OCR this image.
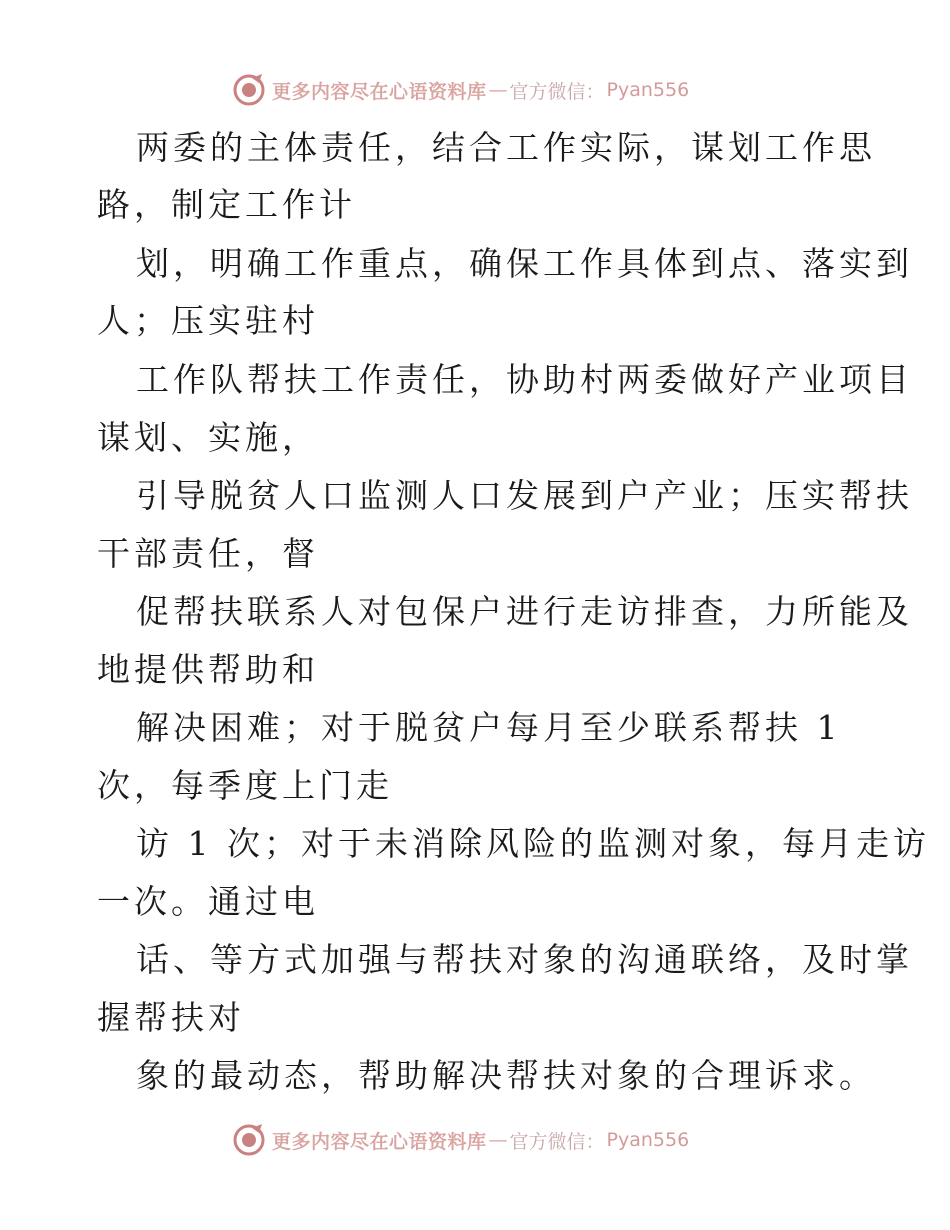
更多内容尽在心语资料库 — 官方微信： Pyan556
两委的主体责任，结合工作实际，谋划工作思
路，制定工作计
划，明确工作重点，确保工作具体到点、落实到
人；压实驻村
工作队帮扶工作责任，协助村两委做好产业项目
谋划、实施，
引导脱贫人口监测人口发展到户产业；压实帮扶
干部责任，督
促帮扶联系人对包保户进行走访排查，力所能及
地提供帮助和
解决困难；对于脱贫户每月至少联系帮扶 1
次，每季度上门走
访 1 次；对于未消除风险的监测对象，每月走访
一次。通过电
话、等方式加强与帮扶对象的沟通联络，及时掌
握帮扶对
象的最动态，帮助解决帮扶对象的合理诉求。
更多内容尽在心语资料库 — 官方微信： Pyan556
